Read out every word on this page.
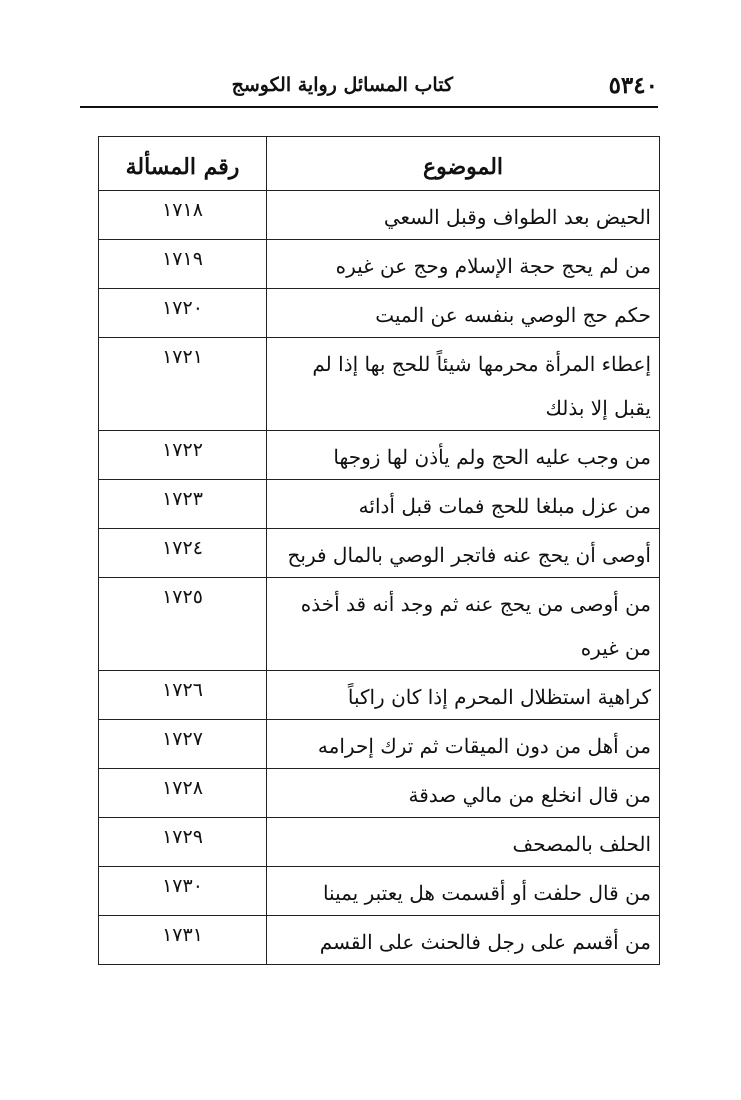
٥٣٤٠
كتاب المسائل رواية الكوسج
الموضوع	رقم المسألة
الحيض بعد الطواف وقبل السعي	١٧١٨
من لم يحج حجة الإسلام وحج عن غيره	١٧١٩
حكم حج الوصي بنفسه عن الميت	١٧٢٠
إعطاء المرأة محرمها شيئاً للحج بها إذا لم يقبل إلا بذلك	١٧٢١
من وجب عليه الحج ولم يأذن لها زوجها	١٧٢٢
من عزل مبلغا للحج فمات قبل أدائه	١٧٢٣
أوصى أن يحج عنه فاتجر الوصي بالمال فربح	١٧٢٤
من أوصى من يحج عنه ثم وجد أنه قد أخذه من غيره	١٧٢٥
كراهية استظلال المحرم إذا كان راكباً	١٧٢٦
من أهل من دون الميقات ثم ترك إحرامه	١٧٢٧
من قال انخلع من مالي صدقة	١٧٢٨
الحلف بالمصحف	١٧٢٩
من قال حلفت أو أقسمت هل يعتبر يمينا	١٧٣٠
من أقسم على رجل فالحنث على القسم	١٧٣١
